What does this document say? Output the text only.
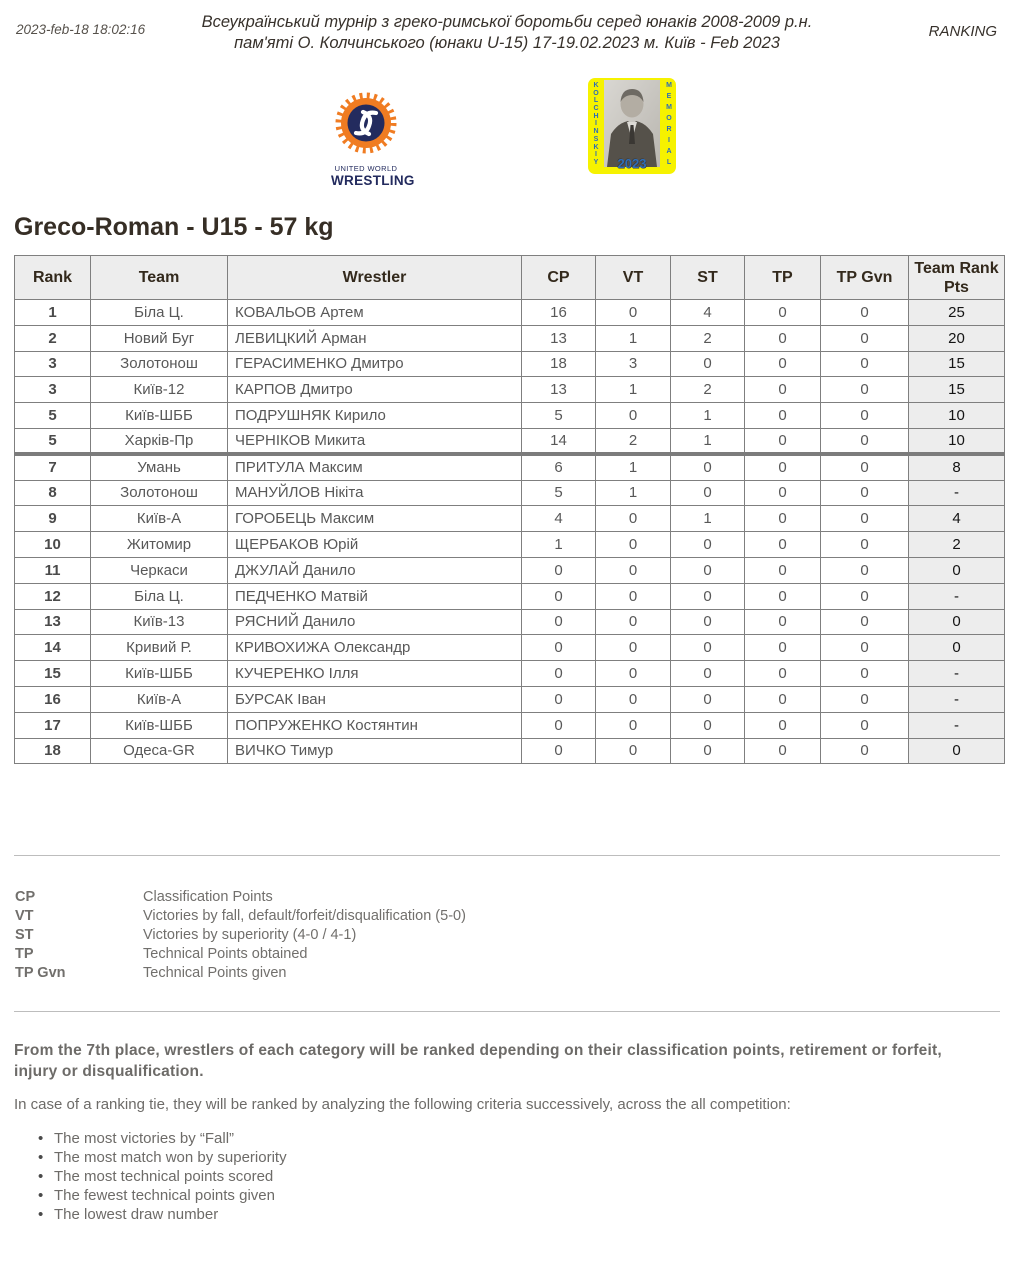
2023-feb-18 18:02:16	Всеукраїнський турнір з греко-римської боротьби серед юнаків 2008-2009 р.н.
пам'яті О. Колчинського (юнаки U-15) 17-19.02.2023 м. Київ - Feb 2023
RANKING
UNITED WORLD
WRESTLING
K
O
L
C
H
I
N
S
K
I
Y
M
E
M
O
R
I
A
L
2023
Greco-Roman - U15 - 57 kg
Rank	Team	Wrestler	CP	VT	ST	TP	TP Gvn	Team Rank Pts
1	Біла Ц.	КОВАЛЬОВ Артем	16	0	4	0	0	25
2	Новий Буг	ЛЕВИЦКИЙ Арман	13	1	2	0	0	20
3	Золотонош	ГЕРАСИМЕНКО Дмитро	18	3	0	0	0	15
3	Київ-12	КАРПОВ Дмитро	13	1	2	0	0	15
5	Київ-ШББ	ПОДРУШНЯК Кирило	5	0	1	0	0	10
5	Харків-Пр	ЧЕРНІКОВ Микита	14	2	1	0	0	10
7	Умань	ПРИТУЛА Максим	6	1	0	0	0	8
8	Золотонош	МАНУЙЛОВ Нікіта	5	1	0	0	0	-
9	Київ-А	ГОРОБЕЦЬ Максим	4	0	1	0	0	4
10	Житомир	ЩЕРБАКОВ Юрій	1	0	0	0	0	2
11	Черкаси	ДЖУЛАЙ Данило	0	0	0	0	0	0
12	Біла Ц.	ПЕДЧЕНКО Матвій	0	0	0	0	0	-
13	Київ-13	РЯСНИЙ Данило	0	0	0	0	0	0
14	Кривий Р.	КРИВОХИЖА Олександр	0	0	0	0	0	0
15	Київ-ШББ	КУЧЕРЕНКО Ілля	0	0	0	0	0	-
16	Київ-А	БУРСАК Іван	0	0	0	0	0	-
17	Київ-ШББ	ПОПРУЖЕНКО Костянтин	0	0	0	0	0	-
18	Одеса-GR	ВИЧКО Тимур	0	0	0	0	0	0
CP	Classification Points
VT	Victories by fall, default/forfeit/disqualification (5-0)
ST	Victories by superiority (4-0 / 4-1)
TP	Technical Points obtained
TP Gvn	Technical Points given
From the 7th place, wrestlers of each category will be ranked depending on their classification points, retirement or forfeit, injury or disqualification.
In case of a ranking tie, they will be ranked by analyzing the following criteria successively, across the all competition:
• The most victories by “Fall”
• The most match won by superiority
• The most technical points scored
• The fewest technical points given
• The lowest draw number
